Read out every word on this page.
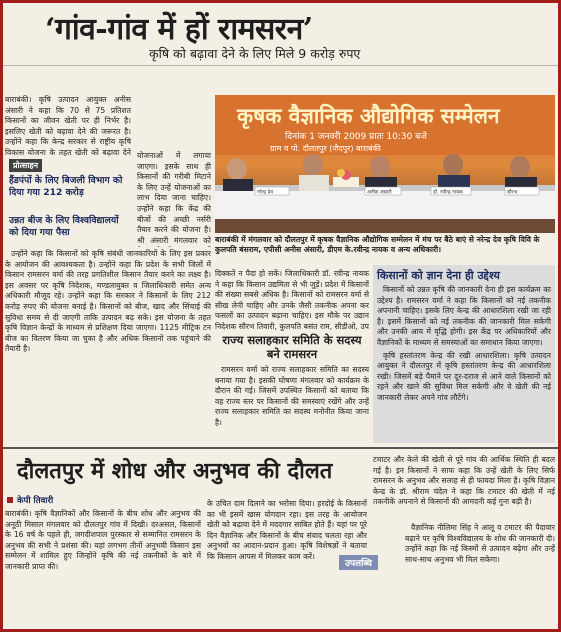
‘गांव-गांव में हों रामसरन’
कृषि को बढ़ावा देने के लिए मिले 9 करोड़ रुपए

बाराबंकी। कृषि उत्पादन आयुक्त अनीस अंसारी ने कहा कि 70 से 75 प्रतिशत किसानों का जीवन खेती पर ही निर्भर है। इसलिए खेती को बढ़ावा देने की जरूरत है। उन्होंने कहा कि केन्द्र सरकार से राष्ट्रीय कृषि विकास योजना के तहत खेती को बढ़ावा देने

प्रोत्साहन
हैंडपंपों के लिए बिजली विभाग को दिया गया 212 करोड़
उन्नत बीज के लिए विश्वविद्यालयों को दिया गया पैसा

योजनाओं में लगाया जाएगा। इसके साथ ही किसानों की गरीबी मिटाने के लिए उन्हें योजनाओं का लाभ दिया जाना चाहिए। उन्होंने कहा कि केंद्र की बीजों की अच्छी नर्सरी तैयार करने की योजना है। श्री अंसारी मंगलवार को

उन्होंने कहा कि किसानों को कृषि संबंधी जानकारियों के लिए इस प्रकार के आयोजन की आवश्यकता है। उन्होंने कहा कि प्रदेश के सभी जिलों में किसान रामसरन वर्मा की तरह प्रगतिशील किसान तैयार करने का लक्ष्य है। इस अवसर पर कृषि निदेशक, मण्डलायुक्त व जिलाधिकारी समेत अन्य अधिकारी मौजूद रहे। उन्होंने कहा कि सरकार ने किसानों के लिए 212 करोड़ रुपए की योजना बनाई है। किसानों को बीज, खाद और सिंचाई की सुविधा समय से दी जाएगी ताकि उत्पादन बढ़ सके। इस योजना के तहत कृषि विज्ञान केन्द्रों के माध्यम से प्रशिक्षण दिया जाएगा। 1125 मीट्रिक टन बीज का वितरण किया जा चुका है और अधिक किसानों तक पहुंचाने की तैयारी है।

कृषक वैज्ञानिक औद्योगिक सम्मेलन
दिनांक 1 जनवरी 2009 प्रातः 10:30 बजे
ग्राम व पो. दौलतपुर (जैदपुर) बाराबंकी
नरेन्द्र देव	अनीस अंसारी	डॉ. रवीन्द्र नायक	सौरभ
बाराबंकी में मंगलवार को दौलतपुर में कृषक वैज्ञानिक औद्योगिक सम्मेलन में मंच पर बैठे बाएं से नरेन्द्र देव कृषि विवि के कुलपति बंसराम, एपीसी अनीस अंसारी, डीएम के.रवीन्द्र नायक व अन्य अधिकारी।

दिक्कतें न पैदा हो सकें। जिलाधिकारी डॉ. रवीन्द्र नायक ने कहा कि किसान उद्यमिता से भी जुड़ें। प्रदेश में किसानों की संख्या सबसे अधिक है। किसानों को रामसरन वर्मा से सीख लेनी चाहिए और उनके जैसी तकनीक अपना कर फसलों का उत्पादन बढ़ाना चाहिए। इस मौके पर उद्यान निदेशक सौरभ तिवारी, कुलपति बसंत राम, सीडीओ, उप

राज्य सलाहकार समिति के सदस्य बने रामसरन

रामसरन वर्मा को राज्य सलाहकार समिति का सदस्य बनाया गया है। इसकी घोषणा मंगलवार को कार्यक्रम के दौरान की गई। जिसमें उपस्थित किसानों को बताया कि वह राज्य स्तर पर किसानों की समस्याएं रखेंगे और उन्हें राज्य सलाहकार समिति का सदस्य मनोनीत किया जाना है।

किसानों को ज्ञान देना ही उद्देश्य

किसानों को उन्नत कृषि की जानकारी देना ही इस कार्यक्रम का उद्देश्य है। रामसरन वर्मा ने कहा कि किसानों को नई तकनीक अपनानी चाहिए। इसके लिए केन्द्र की आधारशिला रखी जा रही है। इसमें किसानों को नई तकनीक की जानकारी मिल सकेगी और उनकी आय में वृद्धि होगी। इस केंद्र पर अधिकारियों और वैज्ञानिकों के माध्यम से समस्याओं का समाधान किया जाएगा।

कृषि हस्तांतरण केन्द्र की रखी आधारशिला। कृषि उत्पादन आयुक्त ने दौलतपुर में कृषि हस्तांतरण केन्द्र की आधारशिला रखी। जिसमें बड़े पैमाने पर दूर-दराज से आने वाले किसानों को रहने और खाने की सुविधा मिल सकेगी और वे खेती की नई जानकारी लेकर अपने गांव लौटेंगे।

दौलतपुर में शोध और अनुभव की दौलत
केपी तिवारी

बाराबंकी। कृषि वैज्ञानिकों और किसानों के बीच शोध और अनुभव की अनूठी मिसाल मंगलवार को दौलतपुर गांव में दिखी। दरअसल, किसानों के 16 वर्ष के पहले ही, जगदीशपाल पुरस्कार से सम्मानित रामसरन के अनुभव की सभी ने प्रशंसा की। यहां लगभग तीनों अनुभवी किसान इस सम्मेलन में शामिल हुए जिन्होंने कृषि की नई तकनीकों के बारे में जानकारी प्राप्त की।

के उचित दाम दिलाने का भरोसा दिया। हरदोई के किसानों का भी इसमें खास योगदान रहा। इस तरह के आयोजन खेती को बढ़ावा देने में मददगार साबित होते हैं। यहां पर पूरे दिन वैज्ञानिक और किसानों के बीच संवाद चलता रहा और अनुभवों का आदान-प्रदान हुआ। कृषि विशेषज्ञों ने बताया कि किसान आपस में मिलकर काम करें।

टमाटर और केले की खेती से पूरे गांव की आर्थिक स्थिति ही बदल गई है। इन किसानों ने साफ कहा कि उन्हें खेती के लिए सिर्फ रामसरन के अनुभव और सलाह से ही फायदा मिला है। कृषि विज्ञान केन्द्र के डॉ. श्रीराम चंदेल ने कहा कि टमाटर की खेती में नई तकनीकें अपनाने से किसानों की आमदनी कई गुना बढ़ी है।

उपलब्धि

वैज्ञानिक नीलिमा सिंह ने आलू व टमाटर की पैदावार बढ़ाने पर कृषि विश्वविद्यालय के शोध की जानकारी दी। उन्होंने कहा कि नई किस्मों से उत्पादन बढ़ेगा और उन्हें साथ-साथ अनुभव भी मिल सकेगा।
